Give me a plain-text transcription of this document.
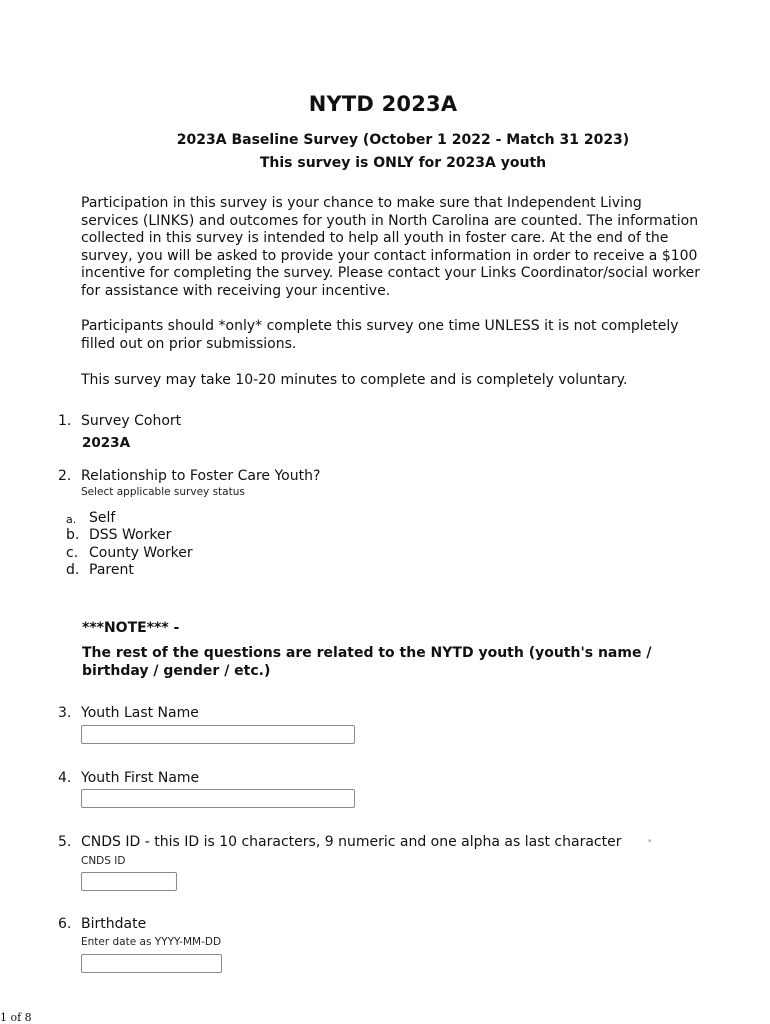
NYTD 2023A
2023A Baseline Survey (October 1 2022 - Match 31 2023)
This survey is ONLY for 2023A youth
Participation in this survey is your chance to make sure that Independent Living services (LINKS) and outcomes for youth in North Carolina are counted. The information collected in this survey is intended to help all youth in foster care. At the end of the survey, you will be asked to provide your contact information in order to receive a $100 incentive for completing the survey. Please contact your Links Coordinator/social worker for assistance with receiving your incentive.
Participants should *only* complete this survey one time UNLESS it is not completely filled out on prior submissions.
This survey may take 10-20 minutes to complete and is completely voluntary.
1. Survey Cohort
2023A
2. Relationship to Foster Care Youth?
Select applicable survey status
a. Self
b. DSS Worker
c. County Worker
d. Parent
***NOTE*** -
The rest of the questions are related to the NYTD youth (youth's name / birthday / gender / etc.)
3. Youth Last Name
4. Youth First Name
5. CNDS ID - this ID is 10 characters, 9 numeric and one alpha as last character	*
CNDS ID
6. Birthdate
Enter date as YYYY-MM-DD
1 of 8
